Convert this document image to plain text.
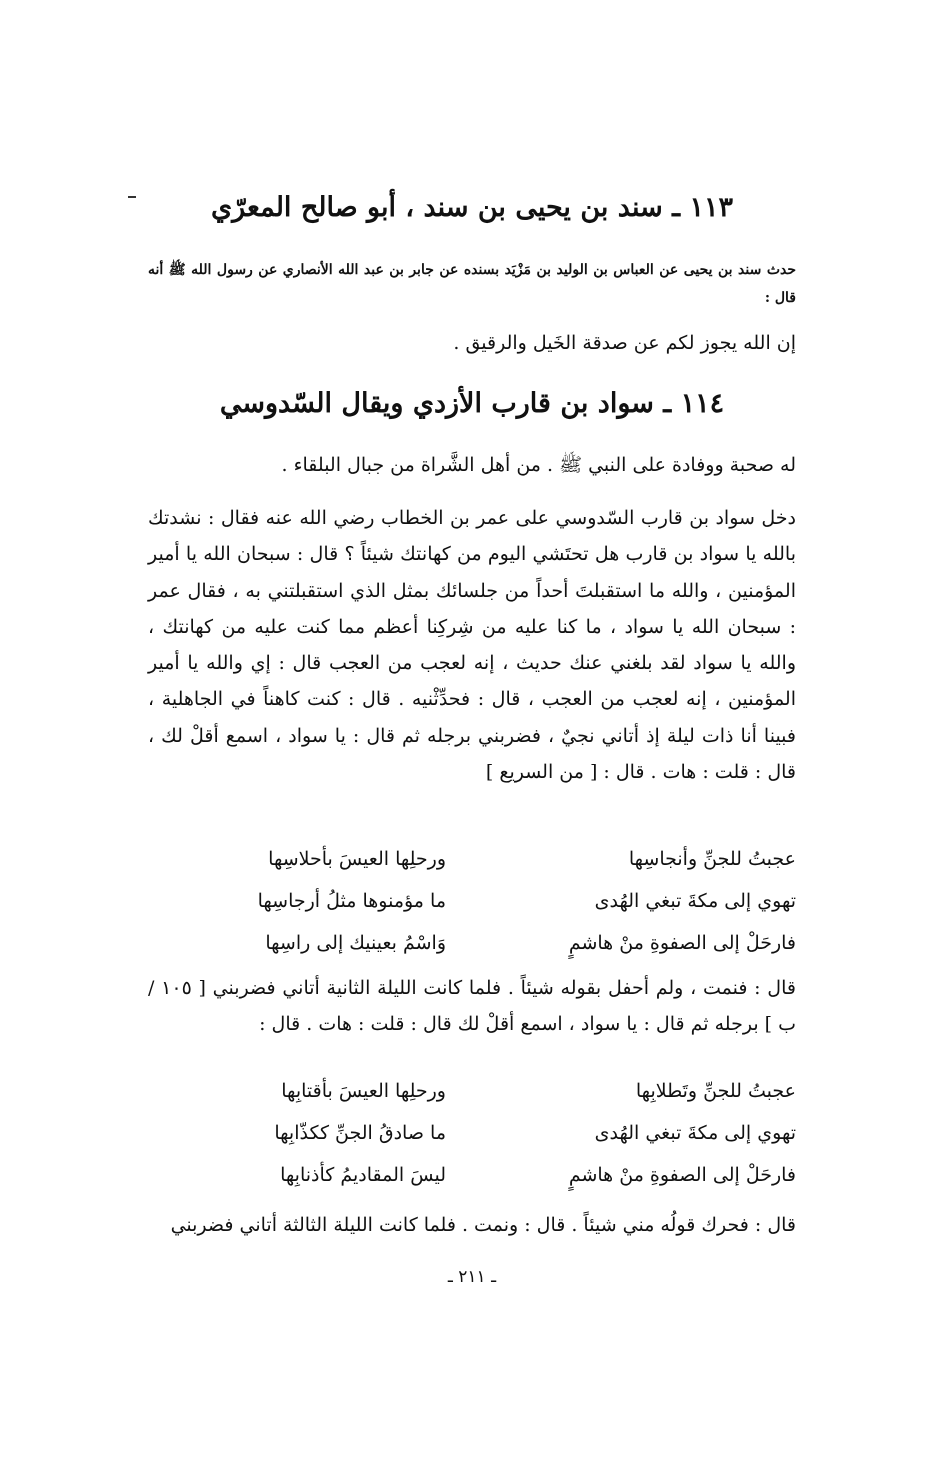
١١٣ ـ سند بن يحيى بن سند ، أبو صالح المعرّي
حدث سند بن يحيى عن العباس بن الوليد بن مَزْيَد بسنده عن جابر بن عبد الله الأنصاري عن رسول الله ﷺ أنه قال :
إن الله يجوز لكم عن صدقة الخَيل والرقيق .
١١٤ ـ سواد بن قارب الأزدي ويقال السّدوسي
له صحبة ووفادة على النبي ﷺ . من أهل الشَّراة من جبال البلقاء .
دخل سواد بن قارب السّدوسي على عمر بن الخطاب رضي الله عنه فقال : نشدتك بالله يا سواد بن قارب هل تحتَشي اليوم من كهانتك شيئاً ؟ قال : سبحان الله يا أمير المؤمنين ، والله ما استقبلتَ أحداً من جلسائك بمثل الذي استقبلتني به ، فقال عمر : سبحان الله يا سواد ، ما كنا عليه من شِركِنا أعظم مما كنت عليه من كهانتك ، والله يا سواد لقد بلغني عنك حديث ، إنه لعجب من العجب قال : إي والله يا أمير المؤمنين ، إنه لعجب من العجب ، قال : فحدِّثْنيه . قال : كنت كاهناً في الجاهلية ، فبينا أنا ذات ليلة إذ أتاني نجيٌ ، فضربني برجله ثم قال : يا سواد ، اسمع أقلْ لك ، قال : قلت : هات . قال : [ من السريع ]
عجبتُ للجنِّ وأنجاسِها
ورحلِها العيسَ بأحلاسِها
تهوي إلى مكةَ تبغي الهُدى
ما مؤمنوها مثلُ أرجاسِها
فارحَلْ إلى الصفوةِ منْ هاشمٍ
وَاسْمُ بعينيك إلى راسِها
قال : فنمت ، ولم أحفل بقوله شيئاً . فلما كانت الليلة الثانية أتاني فضربني [ ١٠٥ / ب ] برجله ثم قال : يا سواد ، اسمع أقلْ لك قال : قلت : هات . قال :
عجبتُ للجنِّ وتَطلابِها
ورحلِها العيسَ بأقتابِها
تهوي إلى مكةَ تبغي الهُدى
ما صادقُ الجنِّ ككذّابِها
فارحَلْ إلى الصفوةِ منْ هاشمٍ
ليسَ المقاديمُ كأذنابِها
قال : فحرك قولُه مني شيئاً . قال : ونمت . فلما كانت الليلة الثالثة أتاني فضربني
ـ ٢١١ ـ
